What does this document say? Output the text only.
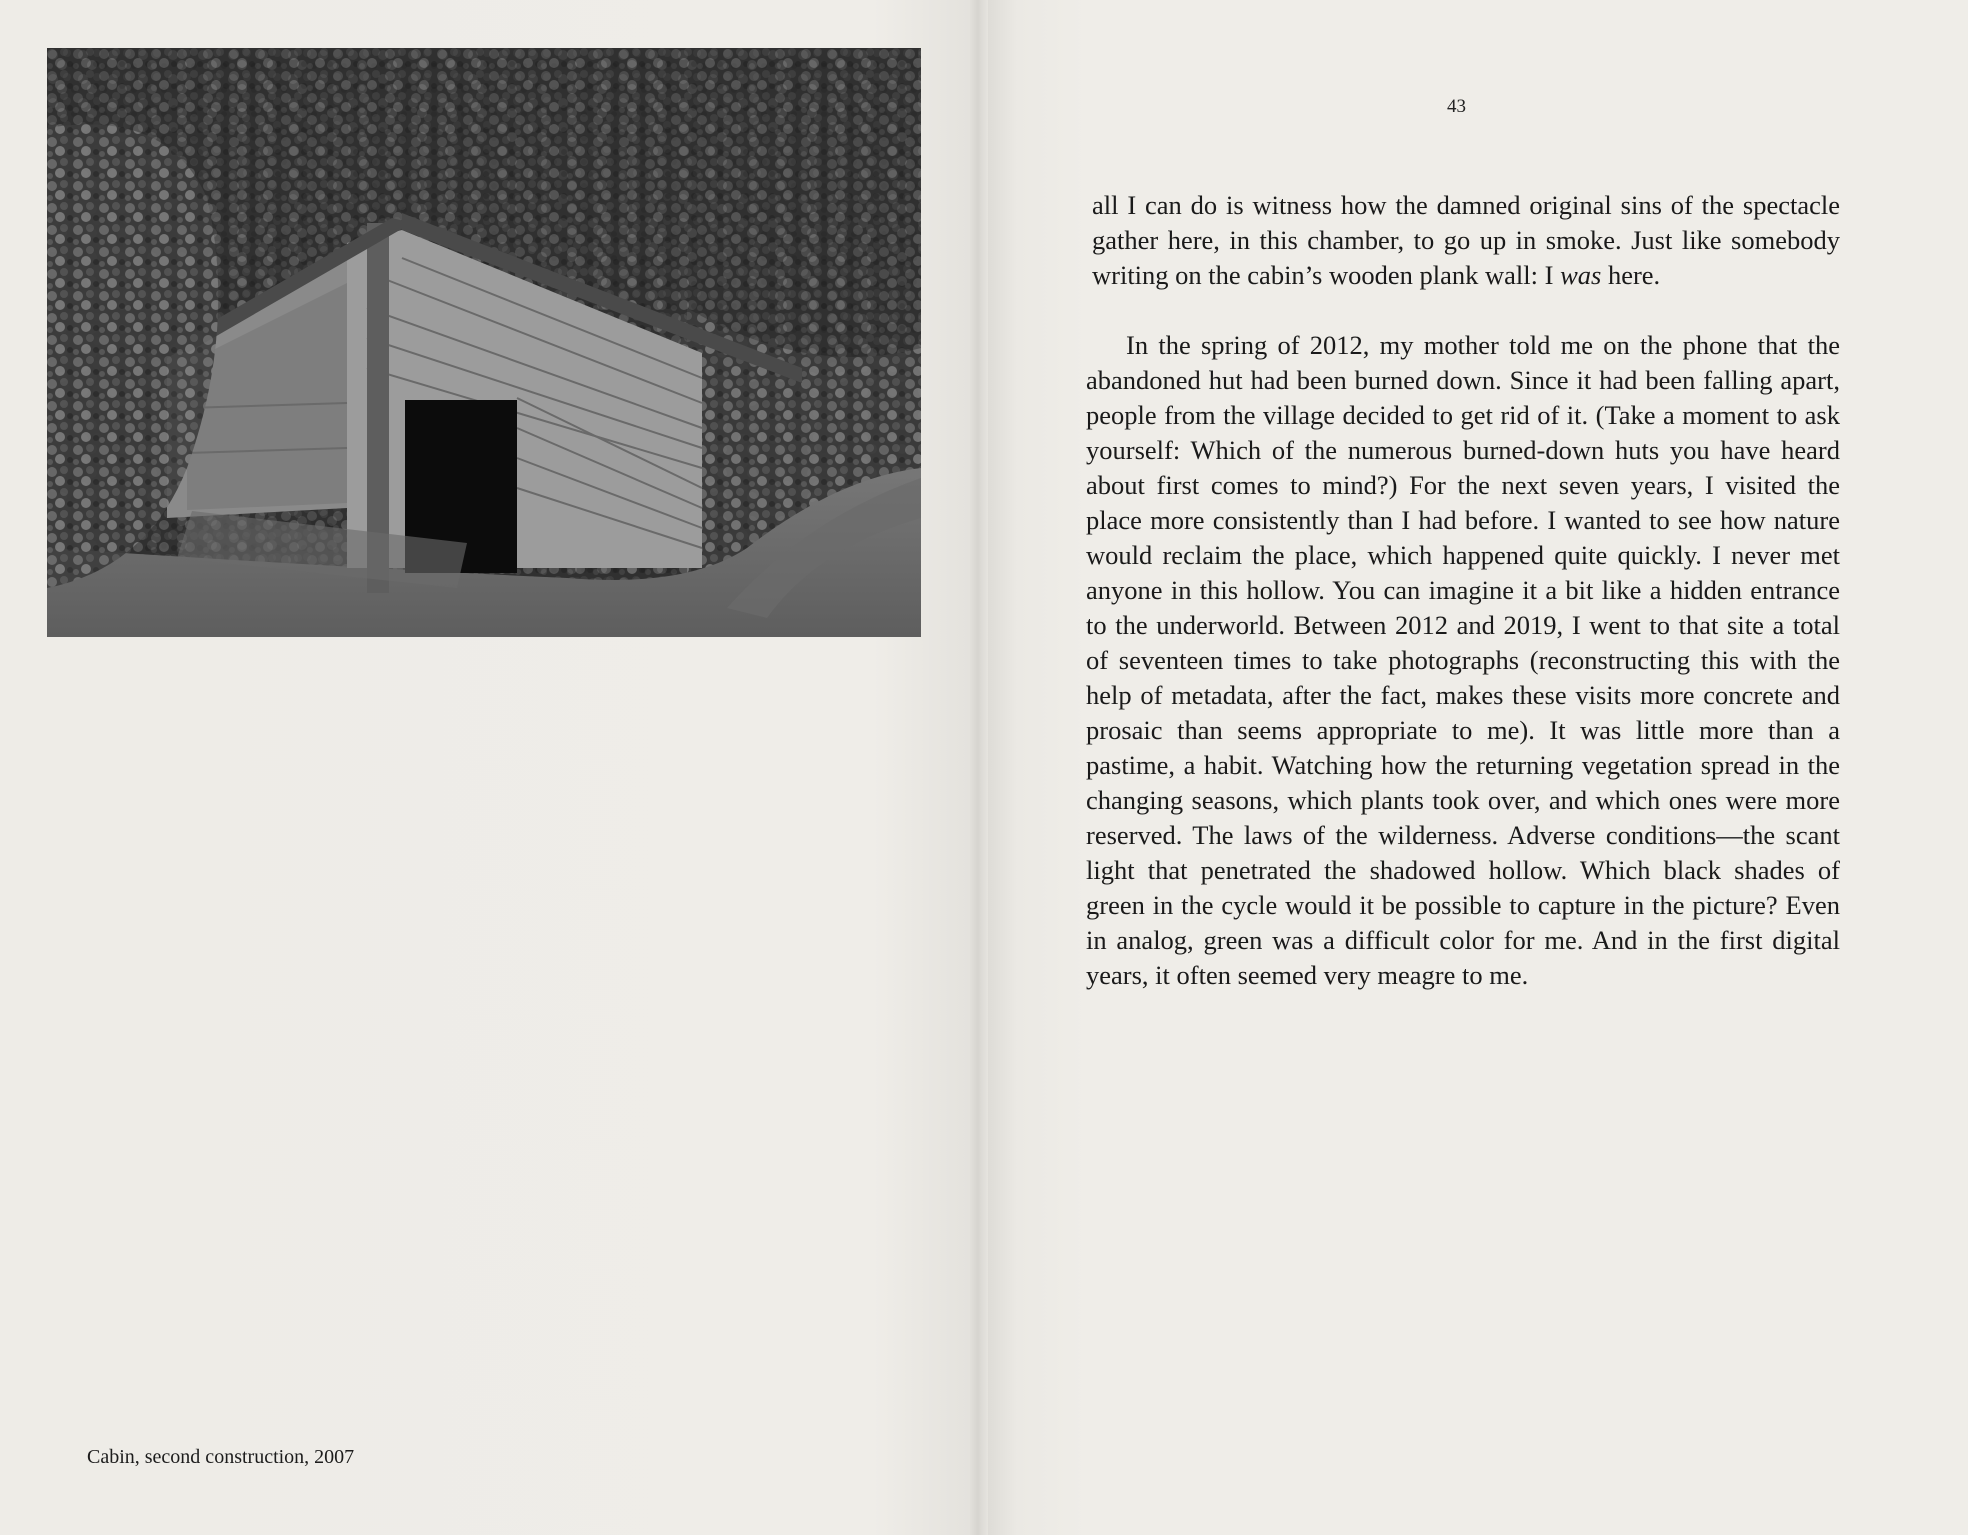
Cabin, second construction, 2007
43

all I can do is witness how the damned original sins of the spectacle gather here, in this chamber, to go up in smoke. Just like somebody writing on the cabin’s wooden plank wall: I was here.

In the spring of 2012, my mother told me on the phone that the abandoned hut had been burned down. Since it had been falling apart, people from the village decided to get rid of it. (Take a moment to ask yourself: Which of the numerous burned-down huts you have heard about first comes to mind?) For the next seven years, I visited the place more consistently than I had before. I wanted to see how nature would reclaim the place, which happened quite quickly. I never met anyone in this hollow. You can imagine it a bit like a hidden entrance to the underworld. Between 2012 and 2019, I went to that site a total of seventeen times to take photographs (reconstructing this with the help of metadata, after the fact, makes these visits more concrete and prosaic than seems appropriate to me). It was little more than a pastime, a habit. Watching how the returning vegetation spread in the changing seasons, which plants took over, and which ones were more reserved. The laws of the wilderness. Adverse conditions—the scant light that penetrated the shadowed hollow. Which black shades of green in the cycle would it be possible to capture in the picture? Even in analog, green was a difficult color for me. And in the first digital years, it often seemed very meagre to me.
